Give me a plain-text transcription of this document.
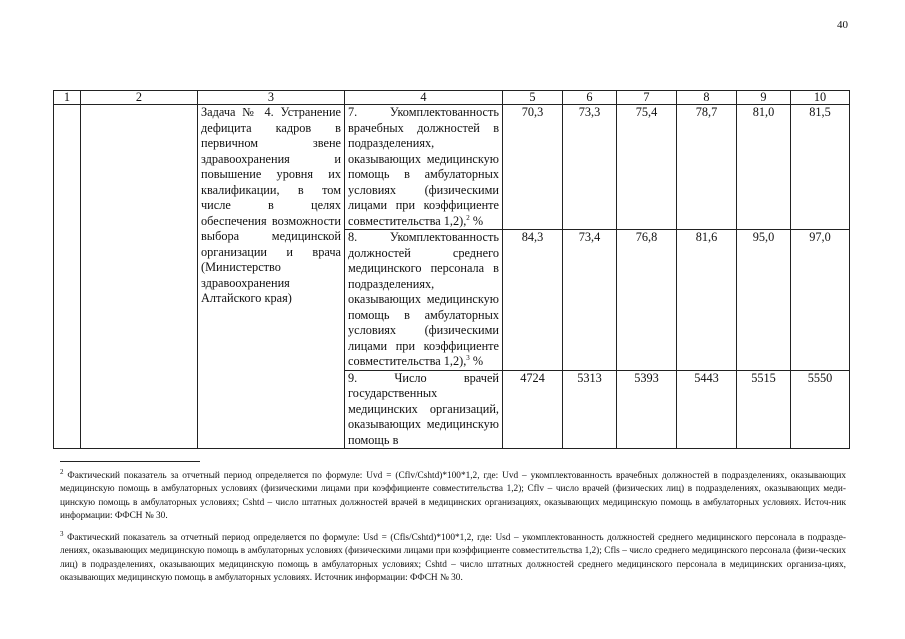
40
1	2	3	4	5	6	7	8	9	10
		Задача № 4. Устранение дефицита кадров в первичном звене здравоохранения и повышение уровня их квалификации, в том числе в целях обеспечения возможности выбора медицинской организации и врача (Министерство здравоохранения Алтайского края)	7. Укомплектованность врачебных должностей в подразделениях, оказывающих медицинскую помощь в амбулаторных условиях (физическими лицами при коэффициенте совместительства 1,2),$^2$ %	70,3	73,3	75,4	78,7	81,0	81,5
			8. Укомплектованность должностей среднего медицинского персонала в подразделениях, оказывающих медицинскую помощь в амбулаторных условиях (физическими лицами при коэффициенте совместительства 1,2),$^3$ %	84,3	73,4	76,8	81,6	95,0	97,0
			9. Число врачей государственных медицинских организаций, оказывающих медицинскую помощь в	4724	5313	5393	5443	5515	5550
$^2$ Фактический показатель за отчетный период определяется по формуле: Uvd = (Cflv/Cshtd)*100*1,2, где: Uvd – укомплектованность врачебных должностей в подразделениях, оказывающих медицинскую помощь в амбулаторных условиях (физическими лицами при коэффициенте совместительства 1,2); Cflv – число врачей (физических лиц) в подразделениях, оказывающих меди-цинскую помощь в амбулаторных условиях; Cshtd – число штатных должностей врачей в медицинских организациях, оказывающих медицинскую помощь в амбулаторных условиях. Источ-ник информации: ФФСН № 30.
$^3$ Фактический показатель за отчетный период определяется по формуле: Usd = (Cfls/Cshtd)*100*1,2, где: Usd – укомплектованность должностей среднего медицинского персонала в подразде-лениях, оказывающих медицинскую помощь в амбулаторных условиях (физическими лицами при коэффициенте совместительства 1,2); Cfls – число среднего медицинского персонала (физи-ческих лиц) в подразделениях, оказывающих медицинскую помощь в амбулаторных условиях; Cshtd – число штатных должностей среднего медицинского персонала в медицинских организа-циях, оказывающих медицинскую помощь в амбулаторных условиях. Источник информации: ФФСН № 30.
